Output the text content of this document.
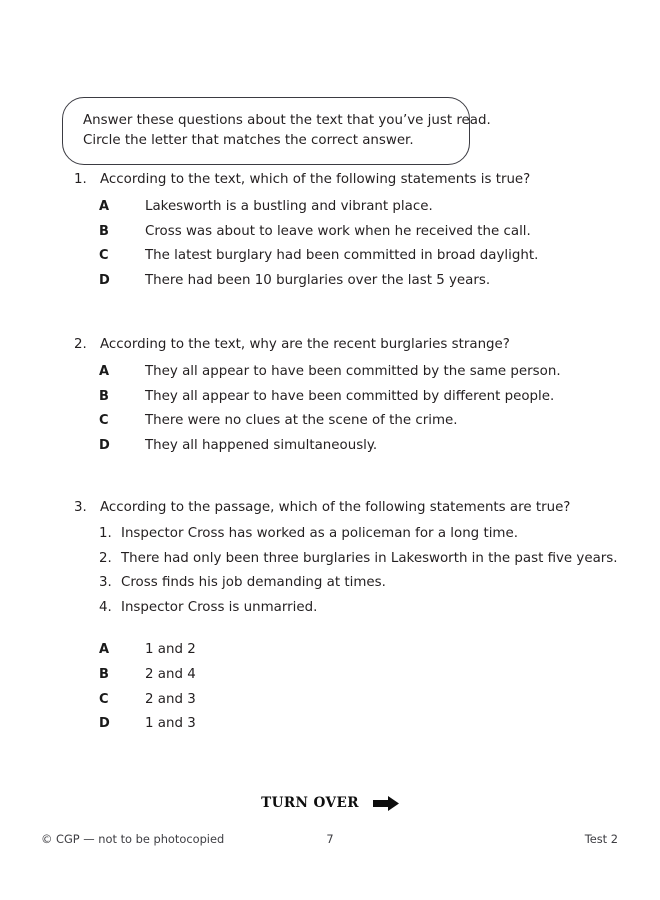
Answer these questions about the text that you’ve just read.
Circle the letter that matches the correct answer.
1. According to the text, which of the following statements is true?
A	Lakesworth is a bustling and vibrant place.
B	Cross was about to leave work when he received the call.
C	The latest burglary had been committed in broad daylight.
D	There had been 10 burglaries over the last 5 years.
2. According to the text, why are the recent burglaries strange?
A	They all appear to have been committed by the same person.
B	They all appear to have been committed by different people.
C	There were no clues at the scene of the crime.
D	They all happened simultaneously.
3. According to the passage, which of the following statements are true?
1. Inspector Cross has worked as a policeman for a long time.
2. There had only been three burglaries in Lakesworth in the past five years.
3. Cross finds his job demanding at times.
4. Inspector Cross is unmarried.
A	1 and 2
B	2 and 4
C	2 and 3
D	1 and 3
TURN OVER
© CGP — not to be photocopied	7	Test 2
